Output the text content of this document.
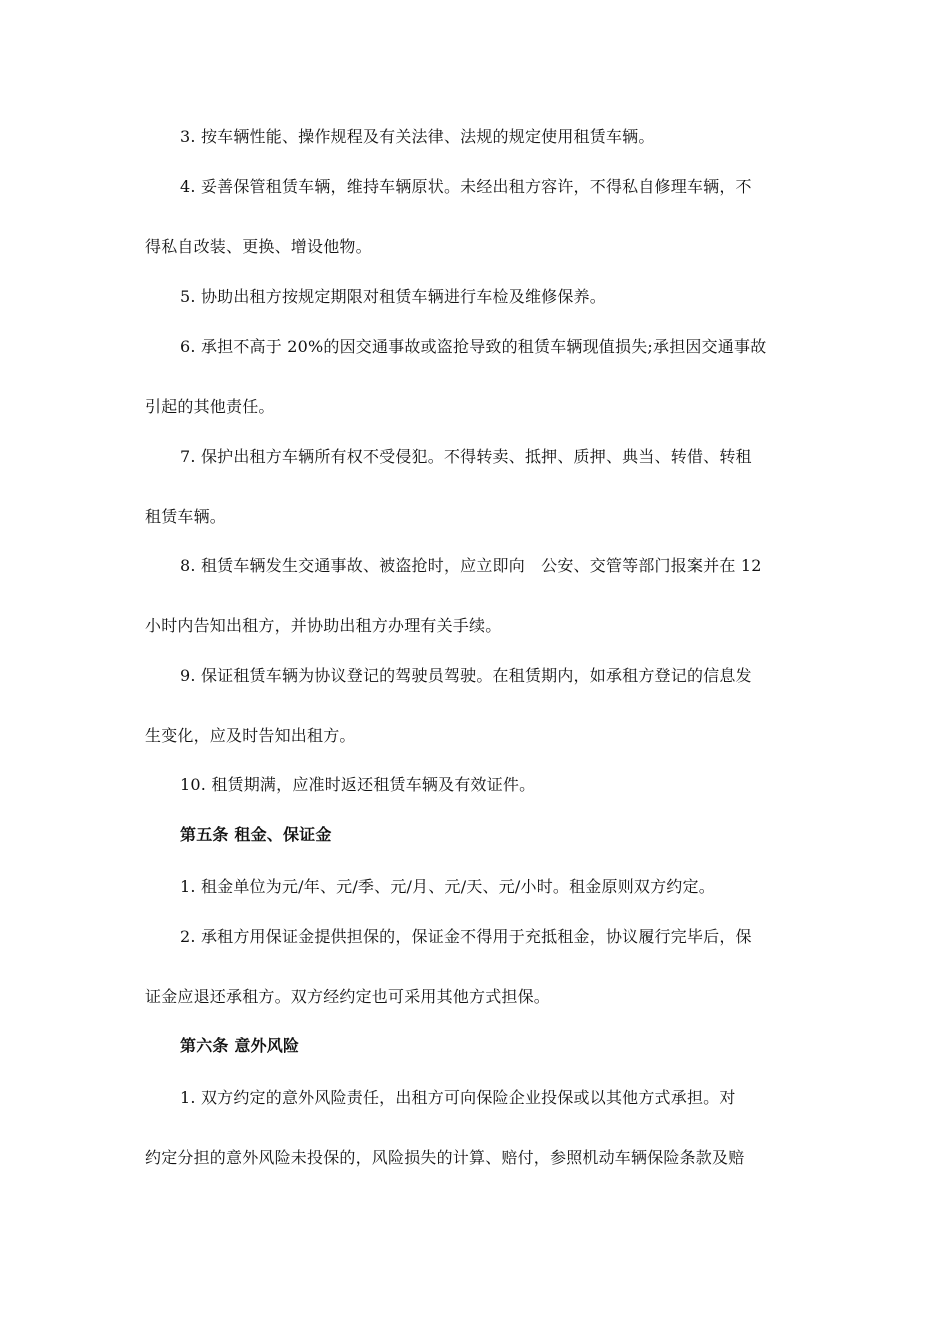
3. 按车辆性能、操作规程及有关法律、法规的规定使用租赁车辆。
4. 妥善保管租赁车辆，维持车辆原状。未经出租方容许，不得私自修理车辆，不
得私自改装、更换、增设他物。
5. 协助出租方按规定期限对租赁车辆进行车检及维修保养。
6. 承担不高于 20%的因交通事故或盗抢导致的租赁车辆现值损失;承担因交通事故
引起的其他责任。
7. 保护出租方车辆所有权不受侵犯。不得转卖、抵押、质押、典当、转借、转租
租赁车辆。
8. 租赁车辆发生交通事故、被盗抢时，应立即向　公安、交管等部门报案并在 12
小时内告知出租方，并协助出租方办理有关手续。
9. 保证租赁车辆为协议登记的驾驶员驾驶。在租赁期内，如承租方登记的信息发
生变化，应及时告知出租方。
10. 租赁期满，应准时返还租赁车辆及有效证件。
第五条 租金、保证金
1. 租金单位为元/年、元/季、元/月、元/天、元/小时。租金原则双方约定。
2. 承租方用保证金提供担保的，保证金不得用于充抵租金，协议履行完毕后，保
证金应退还承租方。双方经约定也可采用其他方式担保。
第六条 意外风险
1. 双方约定的意外风险责任，出租方可向保险企业投保或以其他方式承担。对
约定分担的意外风险未投保的，风险损失的计算、赔付，参照机动车辆保险条款及赔
